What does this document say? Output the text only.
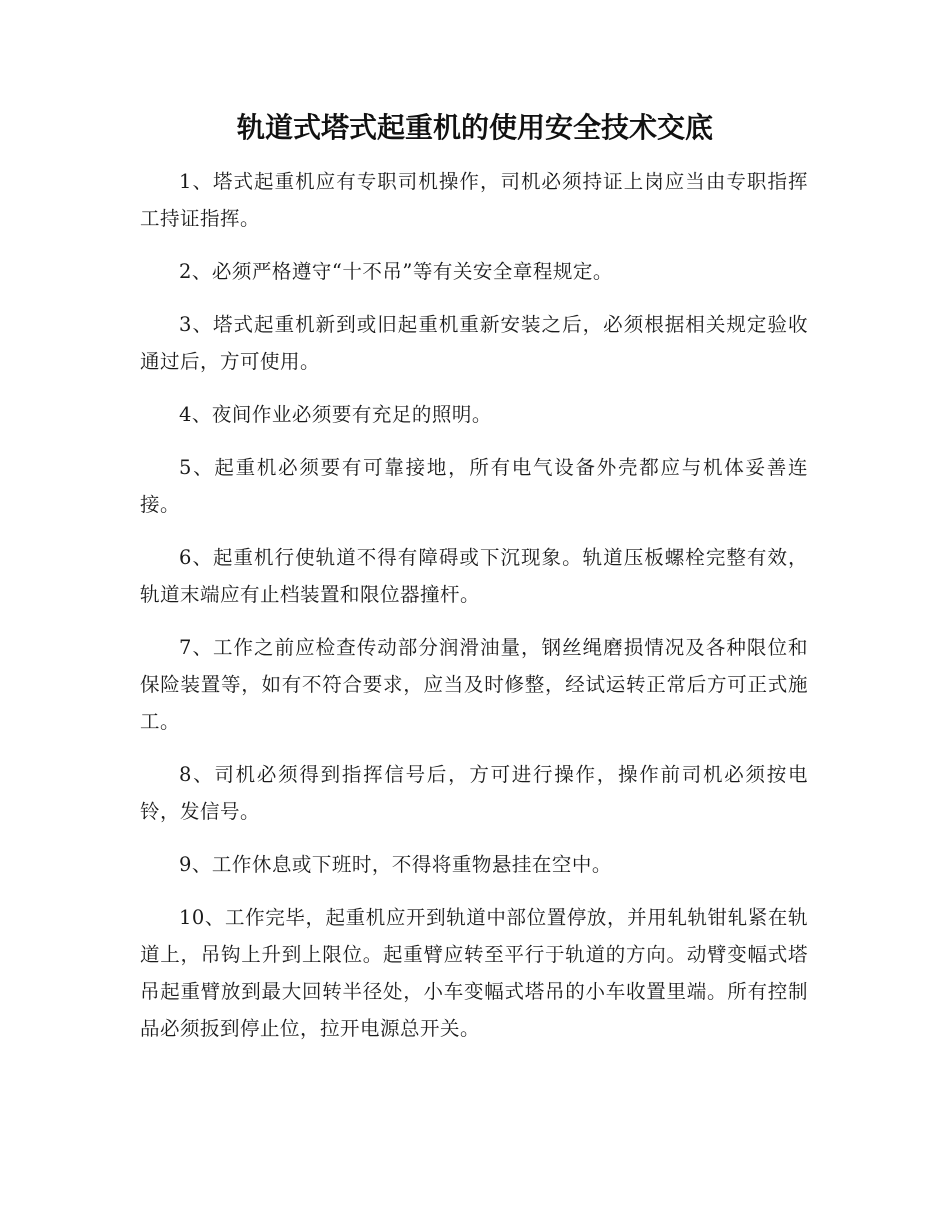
轨道式塔式起重机的使用安全技术交底

1、塔式起重机应有专职司机操作，司机必须持证上岗应当由专职指挥工持证指挥。

2、必须严格遵守“十不吊”等有关安全章程规定。

3、塔式起重机新到或旧起重机重新安装之后，必须根据相关规定验收通过后，方可使用。

4、夜间作业必须要有充足的照明。

5、起重机必须要有可靠接地，所有电气设备外壳都应与机体妥善连接。

6、起重机行使轨道不得有障碍或下沉现象。轨道压板螺栓完整有效，轨道末端应有止档装置和限位器撞杆。

7、工作之前应检查传动部分润滑油量，钢丝绳磨损情况及各种限位和保险装置等，如有不符合要求，应当及时修整，经试运转正常后方可正式施工。

8、司机必须得到指挥信号后，方可进行操作，操作前司机必须按电铃，发信号。

9、工作休息或下班时，不得将重物悬挂在空中。

10、工作完毕，起重机应开到轨道中部位置停放，并用轧轨钳轧紧在轨道上，吊钩上升到上限位。起重臂应转至平行于轨道的方向。动臂变幅式塔吊起重臂放到最大回转半径处，小车变幅式塔吊的小车收置里端。所有控制品必须扳到停止位，拉开电源总开关。
